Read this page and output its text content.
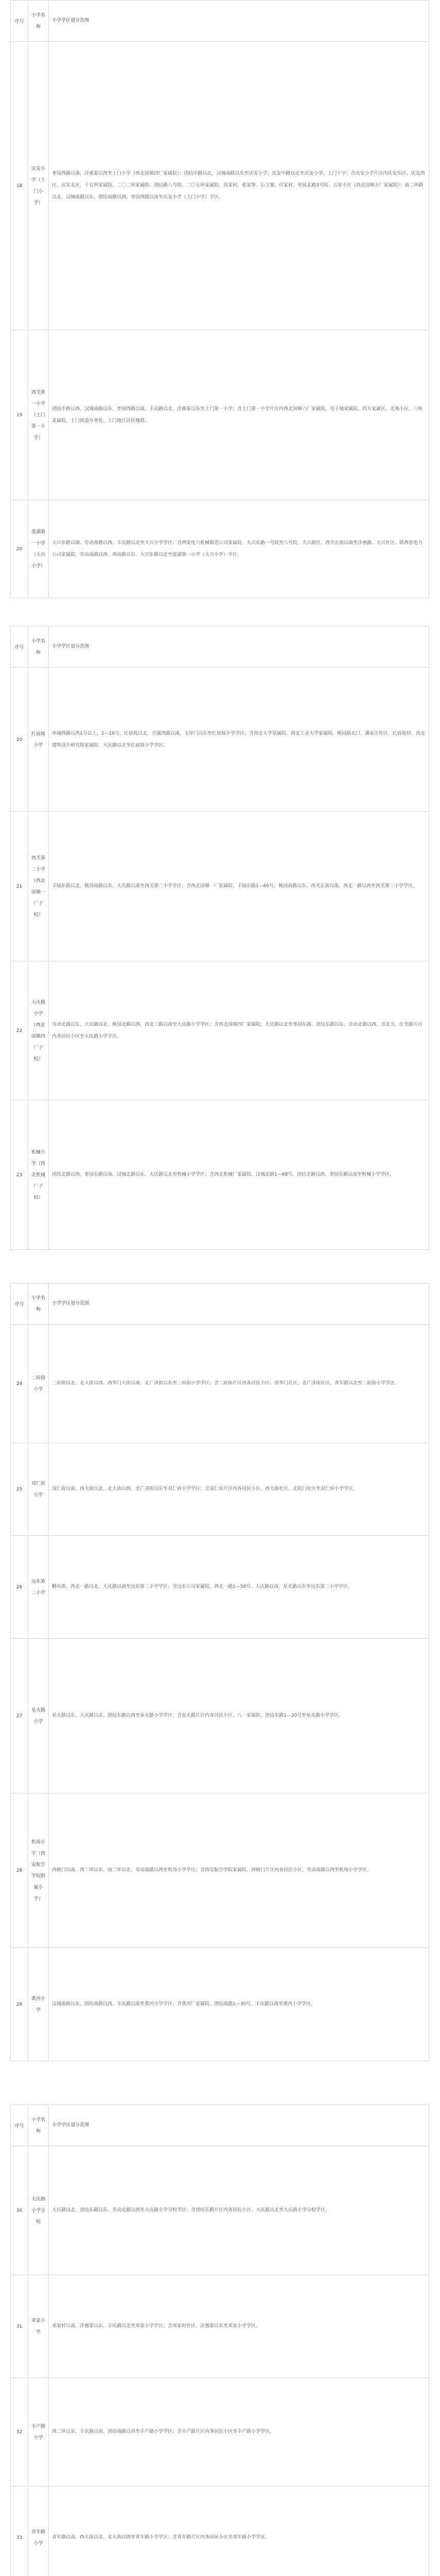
序号	小学名称	小学学区划分范围
18	庆安小学（土门小学）	枣园西路以南，沣惠渠以西至土门小学（西北国棉四厂家属院）；团结中路以北，汉城南路以东至庆安小学；庆安中路以北至庆安小学、土门十字；含庆安小学片区内庆安东区、庆安西区、庆安北区、十五所家属院、二〇二所家属院、团结路八号院、二〇五所家属院、高家村、张家堡、后卫寨、付家村、枣园北路3号院、五星小区（西北国棉五厂家属院）；南二环路以北，汉城南路以东、团结南路以西、枣园西路以南至庆安小学（土门小学）学区。
19	西关第一小学（土门第一小学）	团结中路以西、汉城南路以东、枣园西路以南、丰庆路以北、沣惠渠以东至土门第一小学；含土门第一小学片区内西北国棉六厂家属院、电子城家属院、四方家属区、北苑小区、三桥家属院、土门街道办事处、土门地区居民楼群。
20	莲湖第一小学（大兴小学）	大兴东路以南、劳动南路以西、丰庆路以北至大兴小学学区；含西安电力机械制造公司家属院、大兴东路一号院至八号院、大兴新区、西关正街以南至沣惠路、大兴社区、陕西省电力公司家属院、劳动南路以西、西站路以东、大兴东路以北至莲湖第一小学（大兴小学）学区。
序号	小学名称	小学学区划分范围
20	红庙坡小学	环城西路以西1号以上，2—16号，红庙坡以北，自强西路以南，玉祥门以东至红庙坡小学学区；含西北大学家属院、西北工业大学家属院、桃园路北口、潘家庄社区、红庙坡村、西北建筑设计研究院家属院、大庆路以北至红庙坡小学学区。
21	西关第二小学（西北国棉一厂子校）	丰镐东路以北、桃园南路以东、大庆路以南至西关第二小学学区；含西北国棉一厂家属院、丰镐东路1—60号、桃园南路以东、西关正街以南、西北一路以西至西关第二小学学区。
22	大庆路小学（西北国棉四厂子校）	劳动北路以东、大庆路以北、桃园北路以西、西北二路以南至大庆路小学学区；含西北国棉四厂家属院、大庆路以北至枣园东路、团结东路以东、劳动北路以西、含北关、红光路片区内各居民小区至大庆路小学学区。
23	机械小学（西北机械厂子校）	团结北路以西、枣园东路以南、汉城北路以东、大庆路以北至机械小学学区；含西北机械厂家属院、汉城北路1—68号、团结北路以西、枣园东路以南至机械小学学区。
序号	小学名称	小学学区划分范围
24	二府街小学	二府街以北、北大街以西、西华门大街以南、北广济街以东至二府街小学学区；含二府街片区内各居民小区、西华门社区、北广济街社区、青年路以北至二府街小学学区。
25	双仁府小学	双仁府以南、西大街以北、北大街以西、北广济街以东至双仁府小学学区；含双仁府片区内各居民小区、西大街社区、北院门社区至双仁府小学学区。
26	远东第二小学	糖坊街、西北一路以北、大庆路以南至远东第二小学学区；含远东公司家属院、西北一路1—58号、大庆路以南、星火路以东至远东第二小学学区。
27	星火路小学	星火路以东、大庆路以北、团结东路以西至星火路小学学区；含星火路片区内各居民小区、八一家属院、团结东路1—20号至星火路小学学区。
28	机场小学（西安航空学院附属小学）	西稍门以南、西二环以东、南二环以北、劳动南路以西至机场小学学区；含西安航空学院家属院、西稍门片区内各居民小区、劳动南路以西至机场小学学区。
29	黄河小学	汉城南路以东、团结南路以西、丰庆路以南至黄河小学学区；含黄河厂家属院、团结南路1—30号、丰庆路以南至黄河小学学区。
序号	小学名称	小学学区划分范围
30	大庆路小学分校	大庆路以北、团结东路以东、劳动北路以西至大庆路小学分校学区；含团结东路片区内各居民小区、大庆路以北至大庆路小学分校学区。
31	邓家小学	邓家村以南、沣惠渠以东、丰庆路以北至邓家小学学区；含邓家村社区、沣惠渠以东至邓家小学学区。
32	丰产路小学	西二环以东、丰庆路以南、团结南路以西至丰产路小学学区；含丰产路片区内各居民小区至丰产路小学学区。
33	青年路小学	青年路以南、西大街以北、北大街以西至青年路小学学区；含青年路片区内各居民小区至青年路小学学区。
